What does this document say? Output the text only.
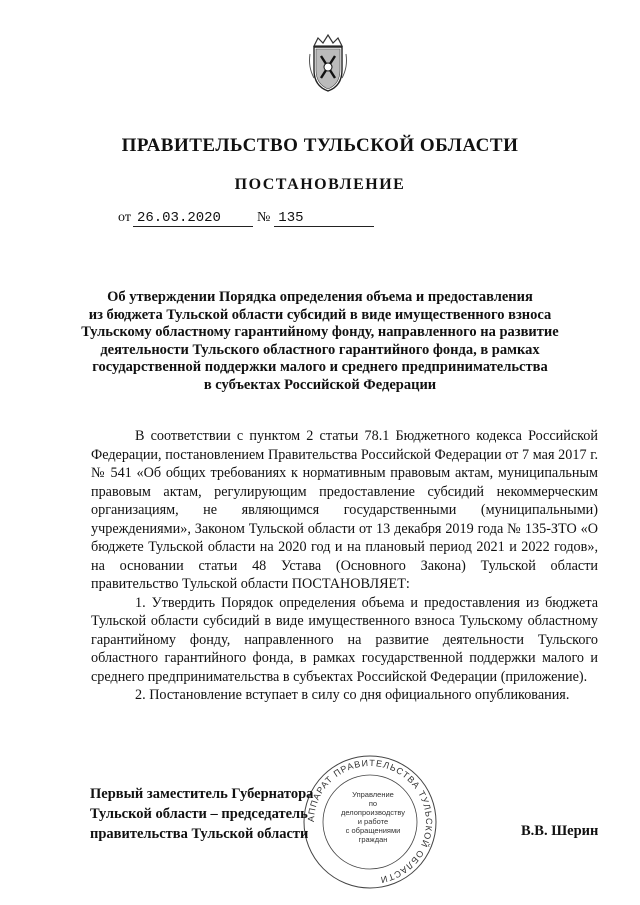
ПРАВИТЕЛЬСТВО ТУЛЬСКОЙ ОБЛАСТИ
ПОСТАНОВЛЕНИЕ
от 26.03.2020	№ 135
Об утверждении Порядка определения объема и предоставления
из бюджета Тульской области субсидий в виде имущественного взноса
Тульскому областному гарантийному фонду, направленного на развитие
деятельности Тульского областного гарантийного фонда, в рамках
государственной поддержки малого и среднего предпринимательства
в субъектах Российской Федерации

В соответствии с пунктом 2 статьи 78.1 Бюджетного кодекса Российской Федерации, постановлением Правительства Российской Федерации от 7 мая 2017 г. № 541 «Об общих требованиях к нормативным правовым актам, муниципальным правовым актам, регулирующим предоставление субсидий некоммерческим организациям, не являющимся государственными (муниципальными) учреждениями», Законом Тульской области от 13 декабря 2019 года № 135-ЗТО «О бюджете Тульской области на 2020 год и на плановый период 2021 и 2022 годов», на основании статьи 48 Устава (Основного Закона) Тульской области правительство Тульской области ПОСТАНОВЛЯЕТ:

1. Утвердить Порядок определения объема и предоставления из бюджета Тульской области субсидий в виде имущественного взноса Тульскому областному гарантийному фонду, направленного на развитие деятельности Тульского областного гарантийного фонда, в рамках государственной поддержки малого и среднего предпринимательства в субъектах Российской Федерации (приложение).

2. Постановление вступает в силу со дня официального опубликования.

АППАРАТ ПРАВИТЕЛЬСТВА ТУЛЬСКОЙ ОБЛАСТИ
Управление
по делопроизводству
и работе
с обращениями
граждан
Первый заместитель Губернатора
Тульской области – председатель
правительства Тульской области	В.В. Шерин
